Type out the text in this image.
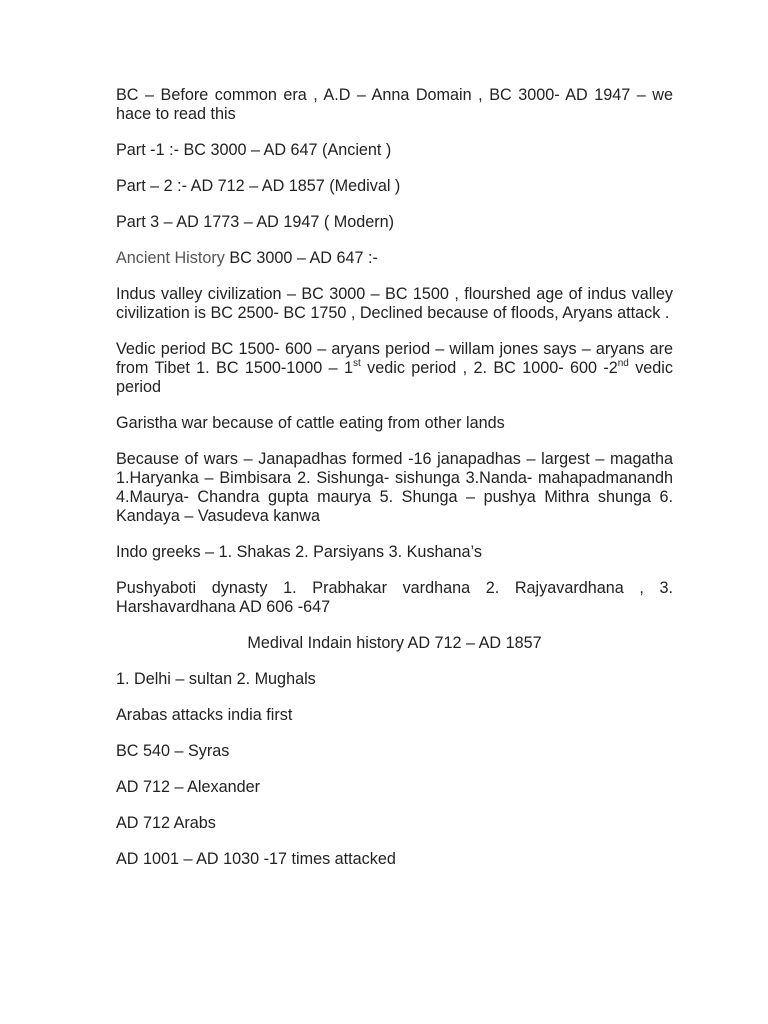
BC – Before common era , A.D – Anna Domain , BC 3000- AD 1947 – we hace to read this

Part -1 :- BC 3000 – AD 647 (Ancient )

Part – 2 :- AD 712 – AD 1857 (Medival )

Part 3 – AD 1773 – AD 1947 ( Modern)

Ancient History BC 3000 – AD 647 :-

Indus valley civilization – BC 3000 – BC 1500 , flourshed age of indus valley civilization is BC 2500- BC 1750 , Declined because of floods, Aryans attack .

Vedic period BC 1500- 600 – aryans period – willam jones says – aryans are from Tibet 1. BC 1500-1000 – 1st vedic period , 2. BC 1000- 600 -2nd vedic period

Garistha war because of cattle eating from other lands

Because of wars – Janapadhas formed -16 janapadhas – largest – magatha 1.Haryanka – Bimbisara 2. Sishunga- sishunga 3.Nanda- mahapadmanandh 4.Maurya- Chandra gupta maurya 5. Shunga – pushya Mithra shunga 6. Kandaya – Vasudeva kanwa

Indo greeks – 1. Shakas 2. Parsiyans 3. Kushana’s

Pushyaboti dynasty 1. Prabhakar vardhana 2. Rajyavardhana , 3. Harshavardhana AD 606 -647

Medival Indain history AD 712 – AD 1857

1. Delhi – sultan 2. Mughals

Arabas attacks india first

BC 540 – Syras

AD 712 – Alexander

AD 712 Arabs

AD 1001 – AD 1030 -17 times attacked
